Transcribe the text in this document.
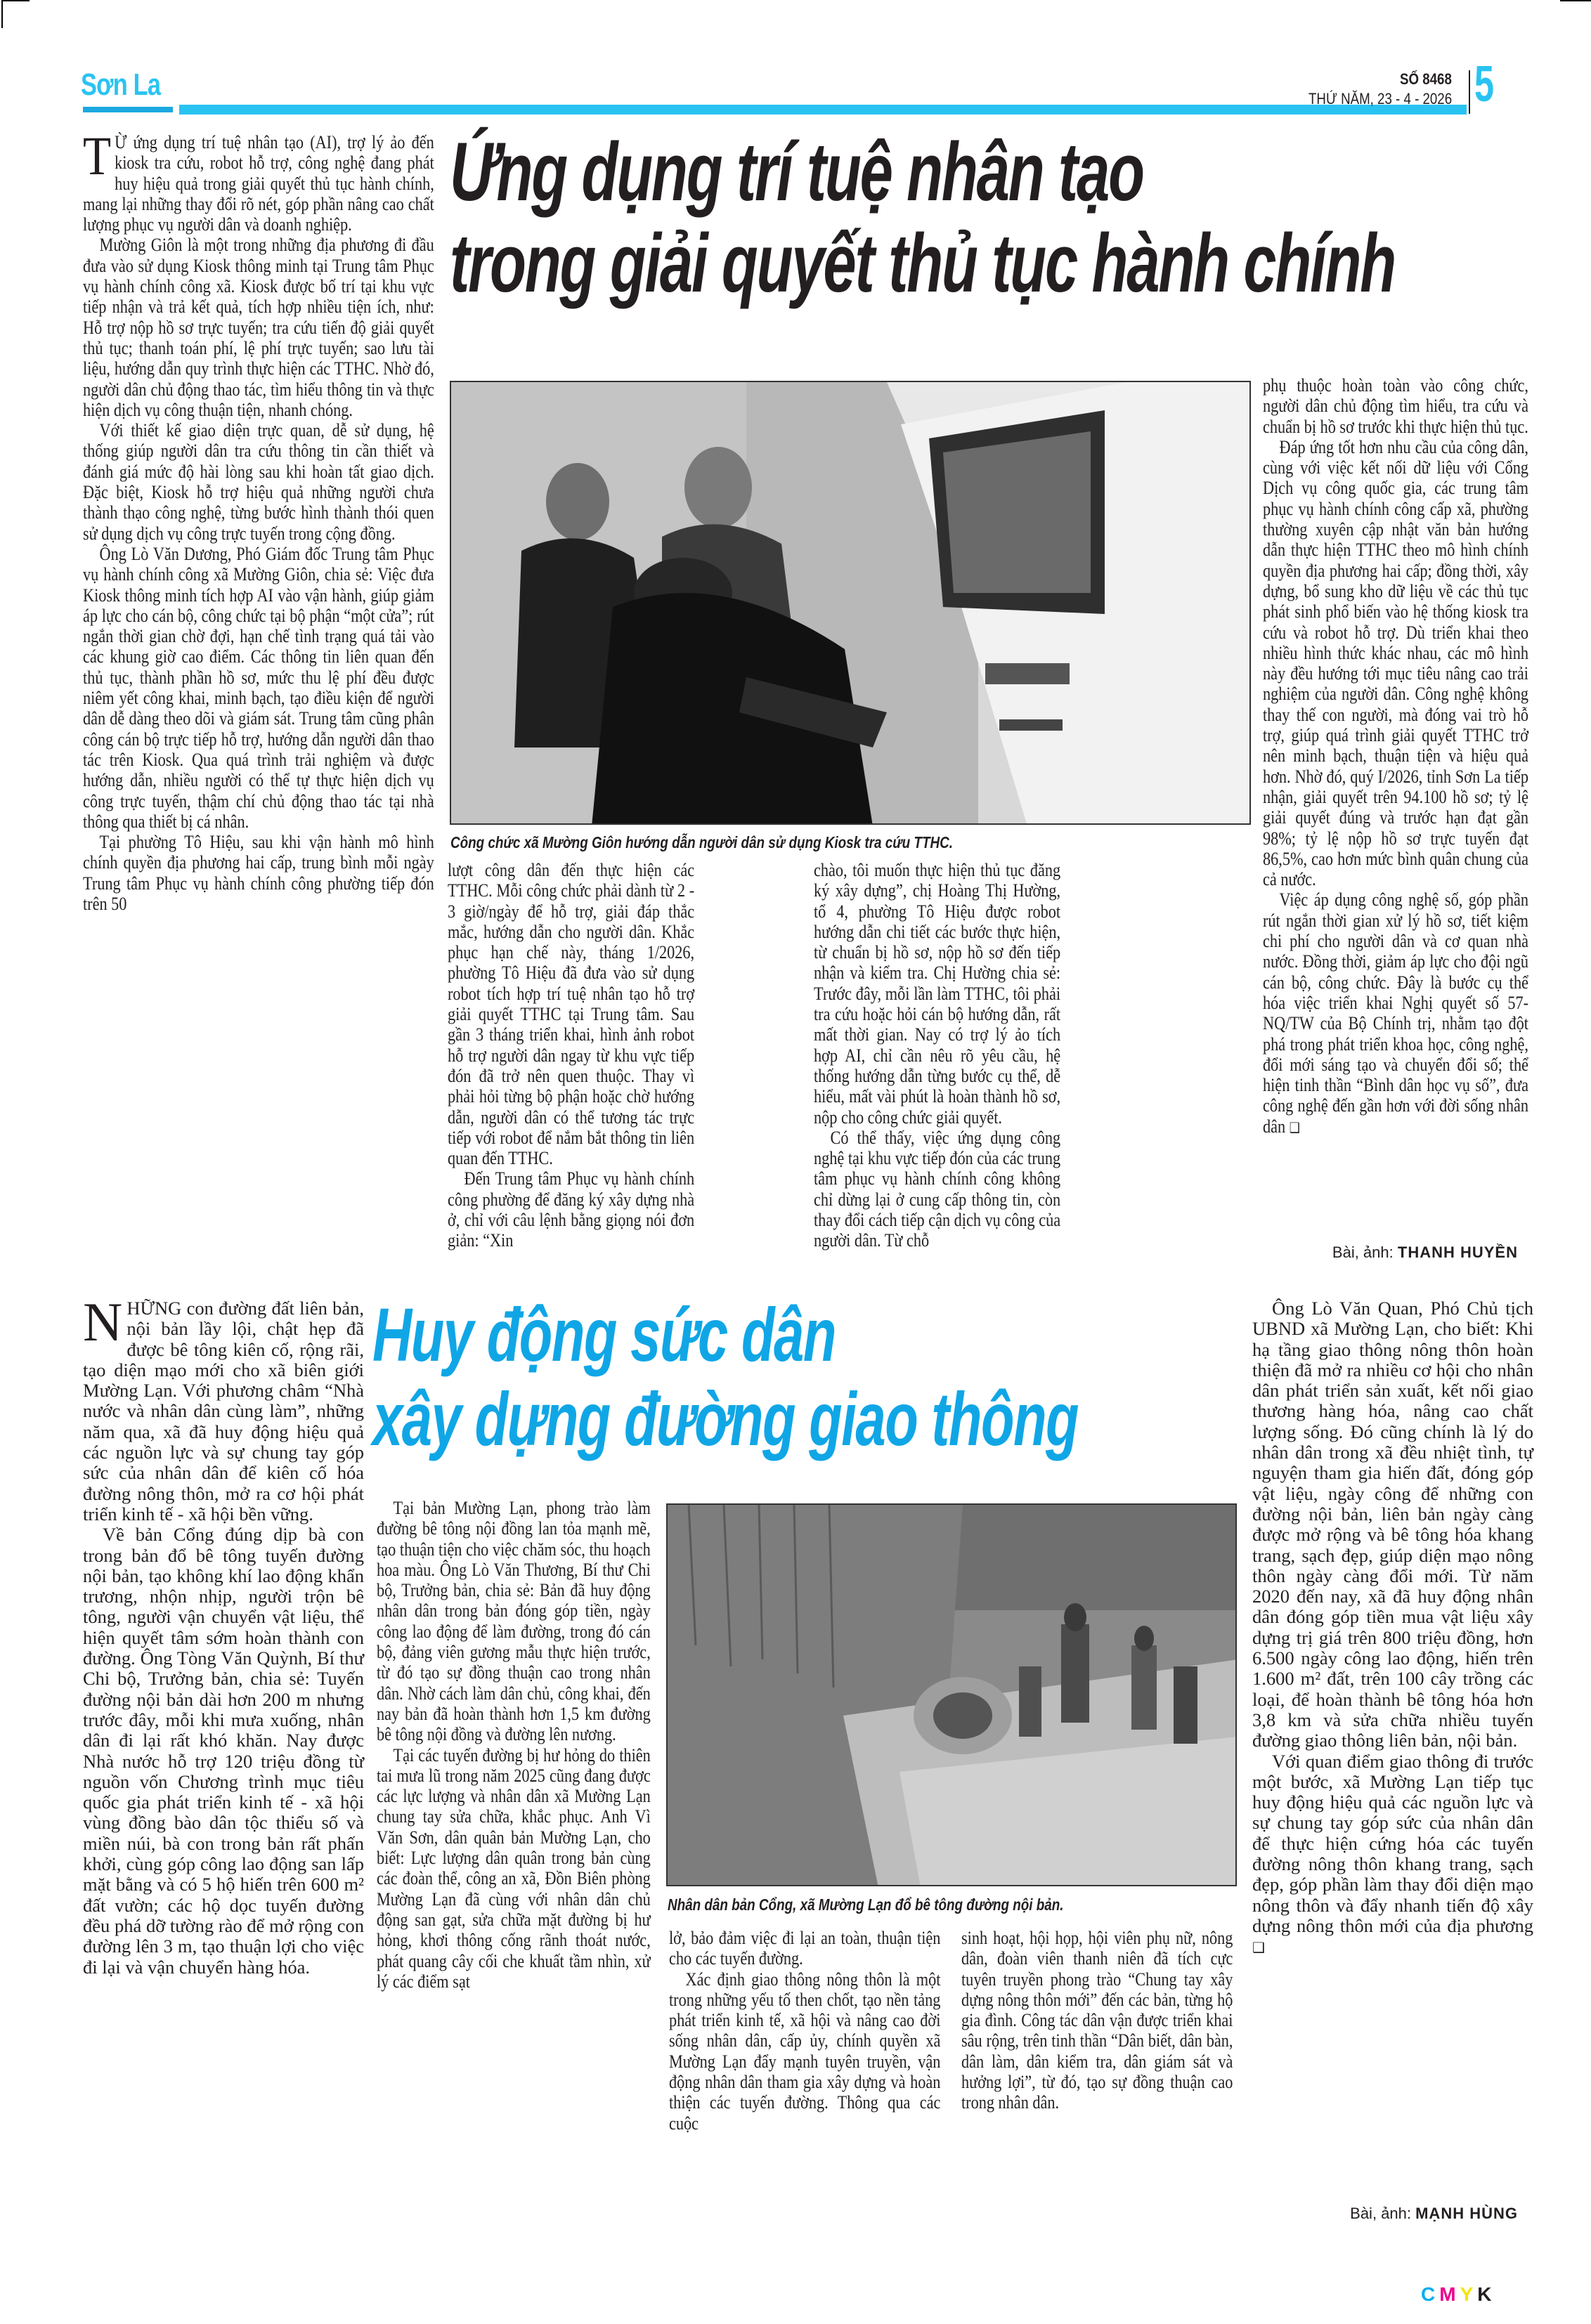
Sơn La	SỐ 8468
THỨ NĂM, 23 - 4 - 2026 5
Ứng dụng trí tuệ nhân tạo
trong giải quyết thủ tục hành chính

T Ừ ứng dụng trí tuệ nhân tạo (AI), trợ lý ảo đến kiosk tra cứu, robot hỗ trợ, công nghệ đang phát huy hiệu quả trong giải quyết thủ tục hành chính, mang lại những thay đổi rõ nét, góp phần nâng cao chất lượng phục vụ người dân và doanh nghiệp.

Mường Giôn là một trong những địa phương đi đầu đưa vào sử dụng Kiosk thông minh tại Trung tâm Phục vụ hành chính công xã. Kiosk được bố trí tại khu vực tiếp nhận và trả kết quả, tích hợp nhiều tiện ích, như: Hỗ trợ nộp hồ sơ trực tuyến; tra cứu tiến độ giải quyết thủ tục; thanh toán phí, lệ phí trực tuyến; sao lưu tài liệu, hướng dẫn quy trình thực hiện các TTHC. Nhờ đó, người dân chủ động thao tác, tìm hiểu thông tin và thực hiện dịch vụ công thuận tiện, nhanh chóng.

Với thiết kế giao diện trực quan, dễ sử dụng, hệ thống giúp người dân tra cứu thông tin cần thiết và đánh giá mức độ hài lòng sau khi hoàn tất giao dịch. Đặc biệt, Kiosk hỗ trợ hiệu quả những người chưa thành thạo công nghệ, từng bước hình thành thói quen sử dụng dịch vụ công trực tuyến trong cộng đồng.

Ông Lò Văn Dương, Phó Giám đốc Trung tâm Phục vụ hành chính công xã Mường Giôn, chia sẻ: Việc đưa Kiosk thông minh tích hợp AI vào vận hành, giúp giảm áp lực cho cán bộ, công chức tại bộ phận “một cửa”; rút ngắn thời gian chờ đợi, hạn chế tình trạng quá tải vào các khung giờ cao điểm. Các thông tin liên quan đến thủ tục, thành phần hồ sơ, mức thu lệ phí đều được niêm yết công khai, minh bạch, tạo điều kiện để người dân dễ dàng theo dõi và giám sát. Trung tâm cũng phân công cán bộ trực tiếp hỗ trợ, hướng dẫn người dân thao tác trên Kiosk. Qua quá trình trải nghiệm và được hướng dẫn, nhiều người có thể tự thực hiện dịch vụ công trực tuyến, thậm chí chủ động thao tác tại nhà thông qua thiết bị cá nhân.

Tại phường Tô Hiệu, sau khi vận hành mô hình chính quyền địa phương hai cấp, trung bình mỗi ngày Trung tâm Phục vụ hành chính công phường tiếp đón trên 50

Công chức xã Mường Giôn hướng dẫn người dân sử dụng Kiosk tra cứu TTHC.

lượt công dân đến thực hiện các TTHC. Mỗi công chức phải dành từ 2 - 3 giờ/ngày để hỗ trợ, giải đáp thắc mắc, hướng dẫn cho người dân. Khắc phục hạn chế này, tháng 1/2026, phường Tô Hiệu đã đưa vào sử dụng robot tích hợp trí tuệ nhân tạo hỗ trợ giải quyết TTHC tại Trung tâm. Sau gần 3 tháng triển khai, hình ảnh robot hỗ trợ người dân ngay từ khu vực tiếp đón đã trở nên quen thuộc. Thay vì phải hỏi từng bộ phận hoặc chờ hướng dẫn, người dân có thể tương tác trực tiếp với robot để nắm bắt thông tin liên quan đến TTHC.

Đến Trung tâm Phục vụ hành chính công phường để đăng ký xây dựng nhà ở, chỉ với câu lệnh bằng giọng nói đơn giản: “Xin

chào, tôi muốn thực hiện thủ tục đăng ký xây dựng”, chị Hoàng Thị Hường, tổ 4, phường Tô Hiệu được robot hướng dẫn chi tiết các bước thực hiện, từ chuẩn bị hồ sơ, nộp hồ sơ đến tiếp nhận và kiểm tra. Chị Hường chia sẻ: Trước đây, mỗi lần làm TTHC, tôi phải tra cứu hoặc hỏi cán bộ hướng dẫn, rất mất thời gian. Nay có trợ lý ảo tích hợp AI, chỉ cần nêu rõ yêu cầu, hệ thống hướng dẫn từng bước cụ thể, dễ hiểu, mất vài phút là hoàn thành hồ sơ, nộp cho công chức giải quyết.

Có thể thấy, việc ứng dụng công nghệ tại khu vực tiếp đón của các trung tâm phục vụ hành chính công không chỉ dừng lại ở cung cấp thông tin, còn thay đổi cách tiếp cận dịch vụ công của người dân. Từ chỗ

phụ thuộc hoàn toàn vào công chức, người dân chủ động tìm hiểu, tra cứu và chuẩn bị hồ sơ trước khi thực hiện thủ tục.

Đáp ứng tốt hơn nhu cầu của công dân, cùng với việc kết nối dữ liệu với Cổng Dịch vụ công quốc gia, các trung tâm phục vụ hành chính công cấp xã, phường thường xuyên cập nhật văn bản hướng dẫn thực hiện TTHC theo mô hình chính quyền địa phương hai cấp; đồng thời, xây dựng, bổ sung kho dữ liệu về các thủ tục phát sinh phổ biến vào hệ thống kiosk tra cứu và robot hỗ trợ. Dù triển khai theo nhiều hình thức khác nhau, các mô hình này đều hướng tới mục tiêu nâng cao trải nghiệm của người dân. Công nghệ không thay thế con người, mà đóng vai trò hỗ trợ, giúp quá trình giải quyết TTHC trở nên minh bạch, thuận tiện và hiệu quả hơn. Nhờ đó, quý I/2026, tỉnh Sơn La tiếp nhận, giải quyết trên 94.100 hồ sơ; tỷ lệ giải quyết đúng và trước hạn đạt gần 98%; tỷ lệ nộp hồ sơ trực tuyến đạt 86,5%, cao hơn mức bình quân chung của cả nước.

Việc áp dụng công nghệ số, góp phần rút ngắn thời gian xử lý hồ sơ, tiết kiệm chi phí cho người dân và cơ quan nhà nước. Đồng thời, giảm áp lực cho đội ngũ cán bộ, công chức. Đây là bước cụ thể hóa việc triển khai Nghị quyết số 57-NQ/TW của Bộ Chính trị, nhằm tạo đột phá trong phát triển khoa học, công nghệ, đổi mới sáng tạo và chuyển đổi số; thể hiện tinh thần “Bình dân học vụ số”, đưa công nghệ đến gần hơn với đời sống nhân dân ❑

Bài, ảnh: THANH HUYỀN
Huy động sức dân
xây dựng đường giao thông

NHỮNG con đường đất liên bản, nội bản lầy lội, chật hẹp đã được bê tông kiên cố, rộng rãi, tạo diện mạo mới cho xã biên giới Mường Lạn. Với phương châm “Nhà nước và nhân dân cùng làm”, những năm qua, xã đã huy động hiệu quả các nguồn lực và sự chung tay góp sức của nhân dân để kiên cố hóa đường nông thôn, mở ra cơ hội phát triển kinh tế - xã hội bền vững.

Về bản Cổng đúng dịp bà con trong bản đổ bê tông tuyến đường nội bản, tạo không khí lao động khẩn trương, nhộn nhịp, người trộn bê tông, người vận chuyển vật liệu, thể hiện quyết tâm sớm hoàn thành con đường. Ông Tòng Văn Quỳnh, Bí thư Chi bộ, Trưởng bản, chia sẻ: Tuyến đường nội bản dài hơn 200 m nhưng trước đây, mỗi khi mưa xuống, nhân dân đi lại rất khó khăn. Nay được Nhà nước hỗ trợ 120 triệu đồng từ nguồn vốn Chương trình mục tiêu quốc gia phát triển kinh tế - xã hội vùng đồng bào dân tộc thiểu số và miền núi, bà con trong bản rất phấn khởi, cùng góp công lao động san lấp mặt bằng và có 5 hộ hiến trên 600 m² đất vườn; các hộ dọc tuyến đường đều phá dỡ tường rào để mở rộng con đường lên 3 m, tạo thuận lợi cho việc đi lại và vận chuyển hàng hóa.

Tại bản Mường Lạn, phong trào làm đường bê tông nội đồng lan tỏa mạnh mẽ, tạo thuận tiện cho việc chăm sóc, thu hoạch hoa màu. Ông Lò Văn Thương, Bí thư Chi bộ, Trưởng bản, chia sẻ: Bản đã huy động nhân dân trong bản đóng góp tiền, ngày công lao động để làm đường, trong đó cán bộ, đảng viên gương mẫu thực hiện trước, từ đó tạo sự đồng thuận cao trong nhân dân. Nhờ cách làm dân chủ, công khai, đến nay bản đã hoàn thành hơn 1,5 km đường bê tông nội đồng và đường lên nương.

Tại các tuyến đường bị hư hỏng do thiên tai mưa lũ trong năm 2025 cũng đang được các lực lượng và nhân dân xã Mường Lạn chung tay sửa chữa, khắc phục. Anh Vì Văn Sơn, dân quân bản Mường Lạn, cho biết: Lực lượng dân quân trong bản cùng các đoàn thể, công an xã, Đồn Biên phòng Mường Lạn đã cùng với nhân dân chủ động san gạt, sửa chữa mặt đường bị hư hỏng, khơi thông cống rãnh thoát nước, phát quang cây cối che khuất tầm nhìn, xử lý các điểm sạt

Nhân dân bản Cổng, xã Mường Lạn đổ bê tông đường nội bản.

lở, bảo đảm việc đi lại an toàn, thuận tiện cho các tuyến đường.

Xác định giao thông nông thôn là một trong những yếu tố then chốt, tạo nền tảng phát triển kinh tế, xã hội và nâng cao đời sống nhân dân, cấp ủy, chính quyền xã Mường Lạn đẩy mạnh tuyên truyền, vận động nhân dân tham gia xây dựng và hoàn thiện các tuyến đường. Thông qua các cuộc

sinh hoạt, hội họp, hội viên phụ nữ, nông dân, đoàn viên thanh niên đã tích cực tuyên truyền phong trào “Chung tay xây dựng nông thôn mới” đến các bản, từng hộ gia đình. Công tác dân vận được triển khai sâu rộng, trên tinh thần “Dân biết, dân bàn, dân làm, dân kiểm tra, dân giám sát và hưởng lợi”, từ đó, tạo sự đồng thuận cao trong nhân dân.

Ông Lò Văn Quan, Phó Chủ tịch UBND xã Mường Lạn, cho biết: Khi hạ tầng giao thông nông thôn hoàn thiện đã mở ra nhiều cơ hội cho nhân dân phát triển sản xuất, kết nối giao thương hàng hóa, nâng cao chất lượng sống. Đó cũng chính là lý do nhân dân trong xã đều nhiệt tình, tự nguyện tham gia hiến đất, đóng góp vật liệu, ngày công để những con đường nội bản, liên bản ngày càng được mở rộng và bê tông hóa khang trang, sạch đẹp, giúp diện mạo nông thôn ngày càng đổi mới. Từ năm 2020 đến nay, xã đã huy động nhân dân đóng góp tiền mua vật liệu xây dựng trị giá trên 800 triệu đồng, hơn 6.500 ngày công lao động, hiến trên 1.600 m² đất, trên 100 cây trồng các loại, để hoàn thành bê tông hóa hơn 3,8 km và sửa chữa nhiều tuyến đường giao thông liên bản, nội bản.

Với quan điểm giao thông đi trước một bước, xã Mường Lạn tiếp tục huy động hiệu quả các nguồn lực và sự chung tay góp sức của nhân dân để thực hiện cứng hóa các tuyến đường nông thôn khang trang, sạch đẹp, góp phần làm thay đổi diện mạo nông thôn và đẩy nhanh tiến độ xây dựng nông thôn mới của địa phương ❑

Bài, ảnh: MẠNH HÙNG
CMYK
